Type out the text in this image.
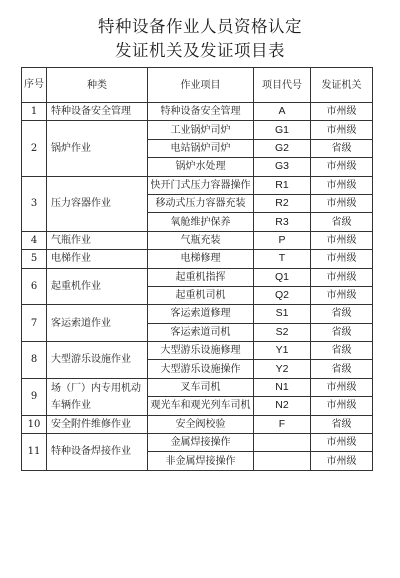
特种设备作业人员资格认定
发证机关及发证项目表
序号	种类	作业项目	项目代号	发证机关
1	特种设备安全管理	特种设备安全管理	A	市州级
2	锅炉作业	工业锅炉司炉	G1	市州级
		电站锅炉司炉	G2	省级
		锅炉水处理	G3	市州级
3	压力容器作业	快开门式压力容器操作	R1	市州级
		移动式压力容器充装	R2	市州级
		氧舱维护保养	R3	省级
4	气瓶作业	气瓶充装	P	市州级
5	电梯作业	电梯修理	T	市州级
6	起重机作业	起重机指挥	Q1	市州级
		起重机司机	Q2	市州级
7	客运索道作业	客运索道修理	S1	省级
		客运索道司机	S2	省级
8	大型游乐设施作业	大型游乐设施修理	Y1	省级
		大型游乐设施操作	Y2	省级
9	场（厂）内专用机动车辆作业	叉车司机	N1	市州级
		观光车和观光列车司机	N2	市州级
10	安全附件维修作业	安全阀校验	F	省级
11	特种设备焊接作业	金属焊接操作		市州级
		非金属焊接操作		市州级
